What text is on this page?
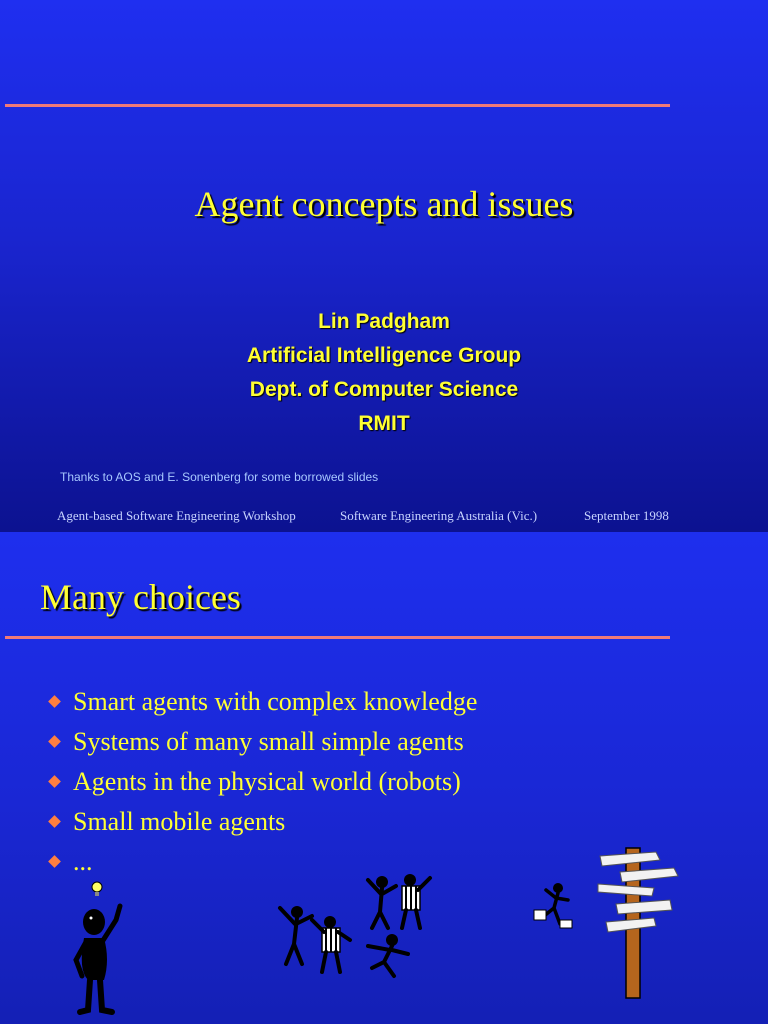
Agent concepts and issues
Lin Padgham
Artificial Intelligence Group
Dept. of Computer Science
RMIT
Thanks to AOS and E. Sonenberg for some borrowed slides
Agent-based Software Engineering Workshop	Software Engineering Australia (Vic.)	September 1998
Many choices
Smart agents with complex knowledge
Systems of many small simple agents
Agents in the physical world (robots)
Small mobile agents
...
